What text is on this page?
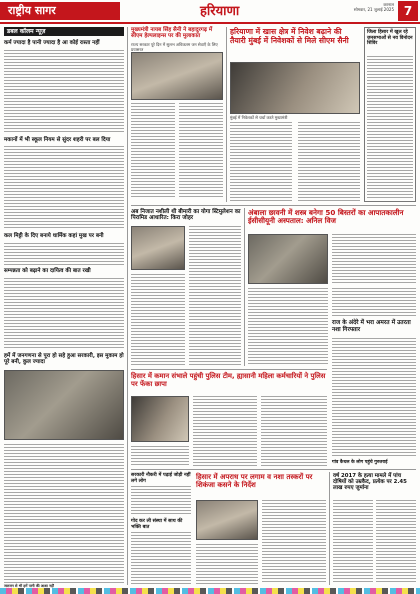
राष्ट्रीय सागर	हरियाणा	करनाल
सोमवार, 21 जुलाई 2025 7
डबल कॉलम न्यूज़
कर्म ज्यादा है पानी ज्यादा है आ कोई रास्ता नहीं
मकानों में भी स्कूल नियम से सुंदर शहरी पर बल दिया
कल मिट्टी के दिए बनाये धार्मिक कहां मुख पर बनी
सम्पन्नता को बढ़ाने का दायित्व की बात रखी
हमें में जनगणना से पूरा हो सहे हुआ सरकारी, इस मुकाम हो पूरे बनी, कुल ज्यादा
मुख्यमंत्री नायब सिंह सैनी ने बहादुरगढ़ में सीएम हेल्पलाइन्स पर की मुलाकात
राज्य सरकार पूरे दिन में सुलभ अधिकतम जन सेवाएँ के लिए प्रयासरत
हरियाणा में खास क्षेत्र में निवेश बढ़ाने की तैयारी मुंबई में निवेशकों से मिले सीएम सैनी
मुंबई में निवेशकों से चर्चा करते मुख्यमंत्री
जिला हिसार में खुल रहे जनसभाओं से नव विनोदन शिविर
अब निजात नशीली थी बीमारी का योगा स्टिमुलेशन का पिरामिड आधारित: किरा जोहर
अंबाला छावनी में शस्त्र बनेगा 50 बिस्तरों का आपातकालीन ईसीसीयूनी अस्पताल: अनिल विज
राज के अंदेरे में भरा अमरत में उतरता नशा गिरफ्तार
हिसार में कमान संभाले पहुंची पुलिस टीम, ह्यासानी महिला कर्मचारियों ने पुलिस पर फेंका छापा
सरकारी नौकरी में पढ़ाई जोड़ी नहीं लगे लोग
गोद कर ली संस्था में साथ की भक्ति बात
हिसार में अपराध पर लगाम व नशा तस्करों पर शिकंजा कसने के निर्देश
वर्ष 2017 के हत्या मामले में पांच दोषियों को उम्रकैद, प्रत्येक पर 2.45 लाख रुपए जुर्माना
गांव कैथल के लोग पहुंचे गुरुतराई
जलजन से भी हमें पानी की आशा नहीं
